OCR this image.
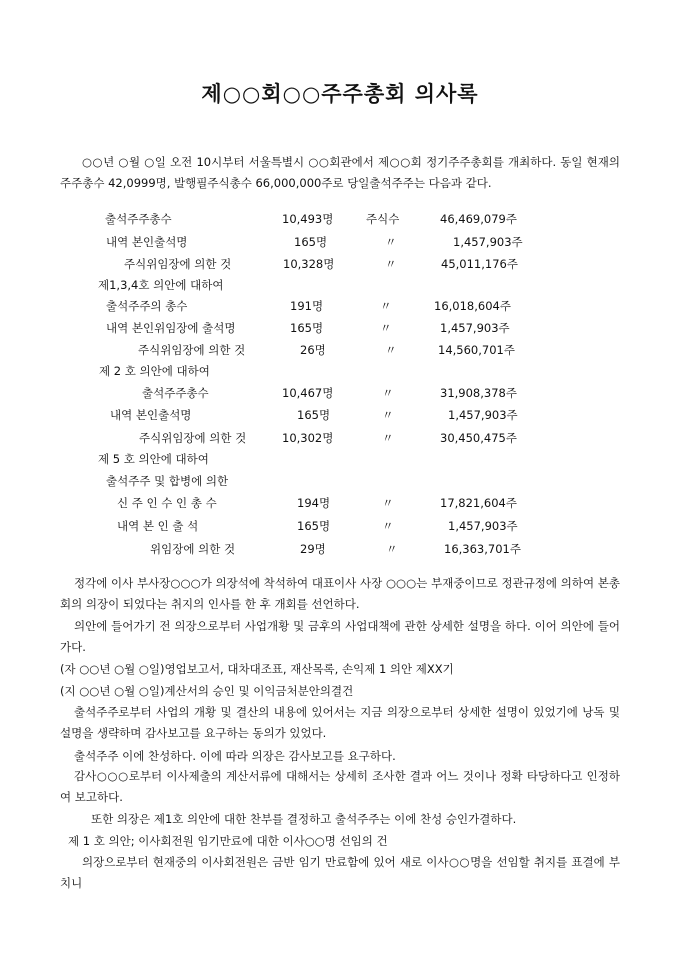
제○○회○○주주총회 의사록
○○년 ○월 ○일 오전 10시부터 서울특별시 ○○회관에서 제○○회 정기주주총회를 개최하다. 동일 현재의 주주총수 42,0999명, 발행필주식총수 66,000,000주로 당일출석주주는 다음과 같다.
출석주주총수	10,493명	주식수	46,469,079주
내역 본인출석명	165명	〃	1,457,903주
주식위임장에 의한 것	10,328명	〃	45,011,176주
제1,3,4호 의안에 대하여
출석주주의 총수	191명	〃	16,018,604주
내역 본인위임장에 출석명	165명	〃	1,457,903주
주식위임장에 의한 것	26명	〃	14,560,701주
제 2 호 의안에 대하여
출석주주총수	10,467명	〃	31,908,378주
내역 본인출석명	165명	〃	1,457,903주
주식위임장에 의한 것	10,302명	〃	30,450,475주
제 5 호 의안에 대하여
출석주주 및 합병에 의한
신 주 인 수 인 총 수	194명	〃	17,821,604주
내역 본 인 출 석	165명	〃	1,457,903주
위임장에 의한 것	29명	〃	16,363,701주
정각에 이사 부사장○○○가 의장석에 착석하여 대표이사 사장 ○○○는 부재중이므로 정관규정에 의하여 본총회의 의장이 되었다는 취지의 인사를 한 후 개회를 선언하다.
의안에 들어가기 전 의장으로부터 사업개황 및 금후의 사업대책에 관한 상세한 설명을 하다. 이어 의안에 들어가다.
(자 ○○년 ○월 ○일)영업보고서, 대차대조표, 재산목록, 손익제 1 의안 제XX기
(지 ○○년 ○월 ○일)계산서의 승인 및 이익금처분안의결건
출석주주로부터 사업의 개황 및 결산의 내용에 있어서는 지금 의장으로부터 상세한 설명이 있었기에 낭독 및 설명을 생략하며 감사보고를 요구하는 동의가 있었다.
출석주주 이에 찬성하다. 이에 따라 의장은 감사보고를 요구하다.
감사○○○로부터 이사제출의 계산서류에 대해서는 상세히 조사한 결과 어느 것이나 정확 타당하다고 인정하여 보고하다.
또한 의장은 제1호 의안에 대한 찬부를 결정하고 출석주주는 이에 찬성 승인가결하다.
제 1 호 의안; 이사회전원 임기만료에 대한 이사○○명 선임의 건
의장으로부터 현재중의 이사회전원은 금반 임기 만료함에 있어 새로 이사○○명을 선임할 취지를 표결에 부치니
